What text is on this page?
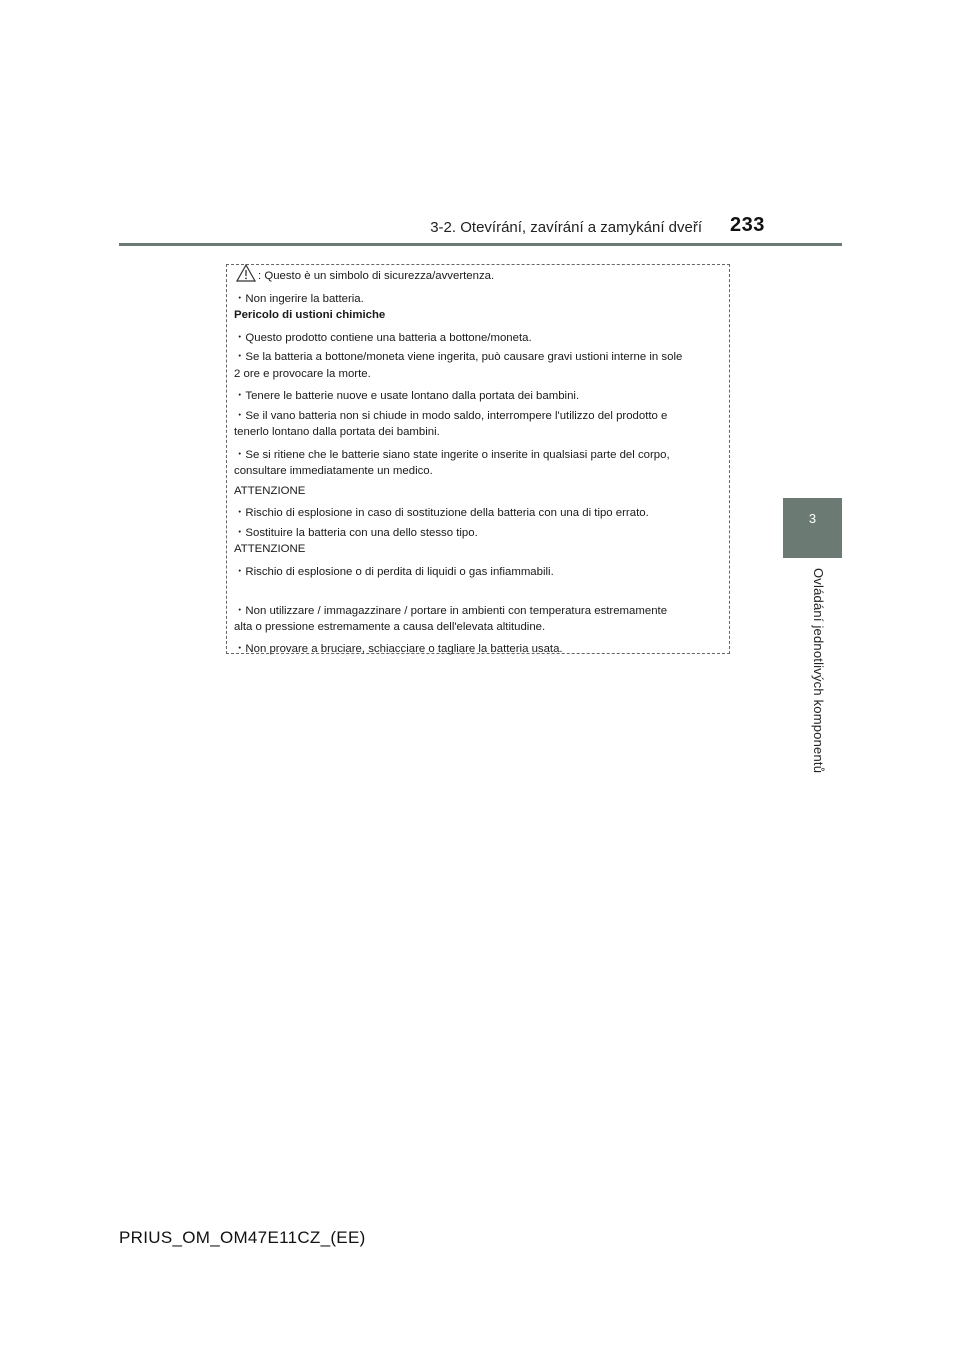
3-2. Otevírání, zavírání a zamykání dveří 233
3
Ovládání jednotlivých komponentů
: Questo è un simbolo di sicurezza/avvertenza.
・Non ingerire la batteria.
Pericolo di ustioni chimiche
・Questo prodotto contiene una batteria a bottone/moneta.
・Se la batteria a bottone/moneta viene ingerita, può causare gravi ustioni interne in sole
2 ore e provocare la morte.
・Tenere le batterie nuove e usate lontano dalla portata dei bambini.
・Se il vano batteria non si chiude in modo saldo, interrompere l'utilizzo del prodotto e
tenerlo lontano dalla portata dei bambini.
・Se si ritiene che le batterie siano state ingerite o inserite in qualsiasi parte del corpo,
consultare immediatamente un medico.
ATTENZIONE
・Rischio di esplosione in caso di sostituzione della batteria con una di tipo errato.
・Sostituire la batteria con una dello stesso tipo.
ATTENZIONE
・Rischio di esplosione o di perdita di liquidi o gas infiammabili.
・Non utilizzare / immagazzinare / portare in ambienti con temperatura estremamente
alta o pressione estremamente a causa dell'elevata altitudine.
・Non provare a bruciare, schiacciare o tagliare la batteria usata.
PRIUS_OM_OM47E11CZ_(EE)
